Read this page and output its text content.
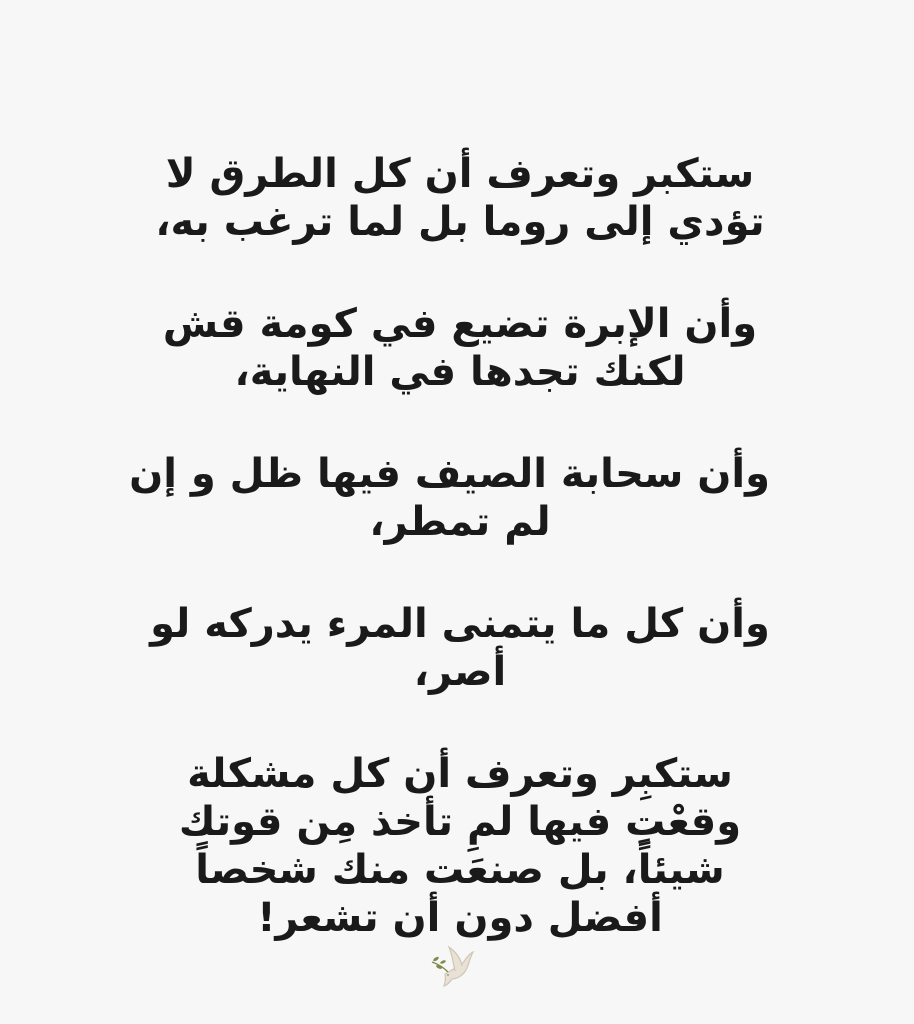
ستكبر وتعرف أن كل الطرق لا
تؤدي إلى روما بل لما ترغب به،
وأن الإبرة تضيع في كومة قش
لكنك تجدها في النهاية،
وأن سحابة الصيف فيها ظل و إن
لم تمطر،
وأن كل ما يتمنى المرء يدركه لو
أصر،
ستكبِر وتعرف أن كل مشكلة
وقعْتِ فيها لمِ تأخذ مِن قوتك
شيئاً، بل صنعَت منك شخصاً
أفضل دون أن تشعر!
